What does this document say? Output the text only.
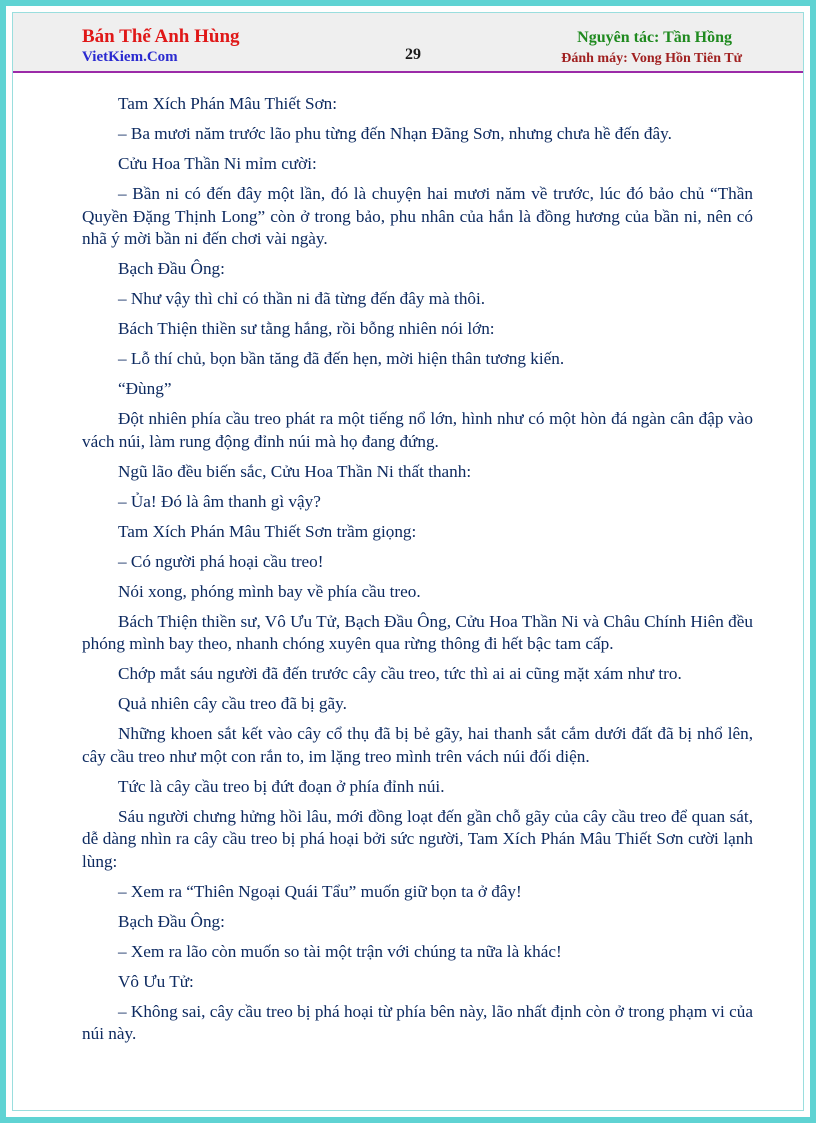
Bán Thế Anh Hùng
VietKiem.Com	29
Nguyên tác: Tần Hồng
Đánh máy: Vong Hồn Tiên Tử

Tam Xích Phán Mâu Thiết Sơn:

– Ba mươi năm trước lão phu từng đến Nhạn Đãng Sơn, nhưng chưa hề đến đây.

Cửu Hoa Thần Ni mỉm cười:

– Bần ni có đến đây một lần, đó là chuyện hai mươi năm về trước, lúc đó bảo chủ “Thần Quyền Đặng Thịnh Long” còn ở trong bảo, phu nhân của hắn là đồng hương của bần ni, nên có nhã ý mời bần ni đến chơi vài ngày.

Bạch Đầu Ông:

– Như vậy thì chỉ có thần ni đã từng đến đây mà thôi.

Bách Thiện thiền sư tằng hắng, rồi bỗng nhiên nói lớn:

– Lỗ thí chủ, bọn bần tăng đã đến hẹn, mời hiện thân tương kiến.

“Đùng”

Đột nhiên phía cầu treo phát ra một tiếng nổ lớn, hình như có một hòn đá ngàn cân đập vào vách núi, làm rung động đỉnh núi mà họ đang đứng.

Ngũ lão đều biến sắc, Cửu Hoa Thần Ni thất thanh:

– Ủa! Đó là âm thanh gì vậy?

Tam Xích Phán Mâu Thiết Sơn trầm giọng:

– Có người phá hoại cầu treo!

Nói xong, phóng mình bay về phía cầu treo.

Bách Thiện thiền sư, Vô Ưu Tử, Bạch Đầu Ông, Cửu Hoa Thần Ni và Châu Chính Hiên đều phóng mình bay theo, nhanh chóng xuyên qua rừng thông đi hết bậc tam cấp.

Chớp mắt sáu người đã đến trước cây cầu treo, tức thì ai ai cũng mặt xám như tro.

Quả nhiên cây cầu treo đã bị gãy.

Những khoen sắt kết vào cây cổ thụ đã bị bẻ gãy, hai thanh sắt cắm dưới đất đã bị nhổ lên, cây cầu treo như một con rắn to, im lặng treo mình trên vách núi đối diện.

Tức là cây cầu treo bị đứt đoạn ở phía đỉnh núi.

Sáu người chưng hửng hồi lâu, mới đồng loạt đến gần chỗ gãy của cây cầu treo để quan sát, dễ dàng nhìn ra cây cầu treo bị phá hoại bởi sức người, Tam Xích Phán Mâu Thiết Sơn cười lạnh lùng:

– Xem ra “Thiên Ngoại Quái Tẩu” muốn giữ bọn ta ở đây!

Bạch Đầu Ông:

– Xem ra lão còn muốn so tài một trận với chúng ta nữa là khác!

Vô Ưu Tử:

– Không sai, cây cầu treo bị phá hoại từ phía bên này, lão nhất định còn ở trong phạm vi của núi này.
